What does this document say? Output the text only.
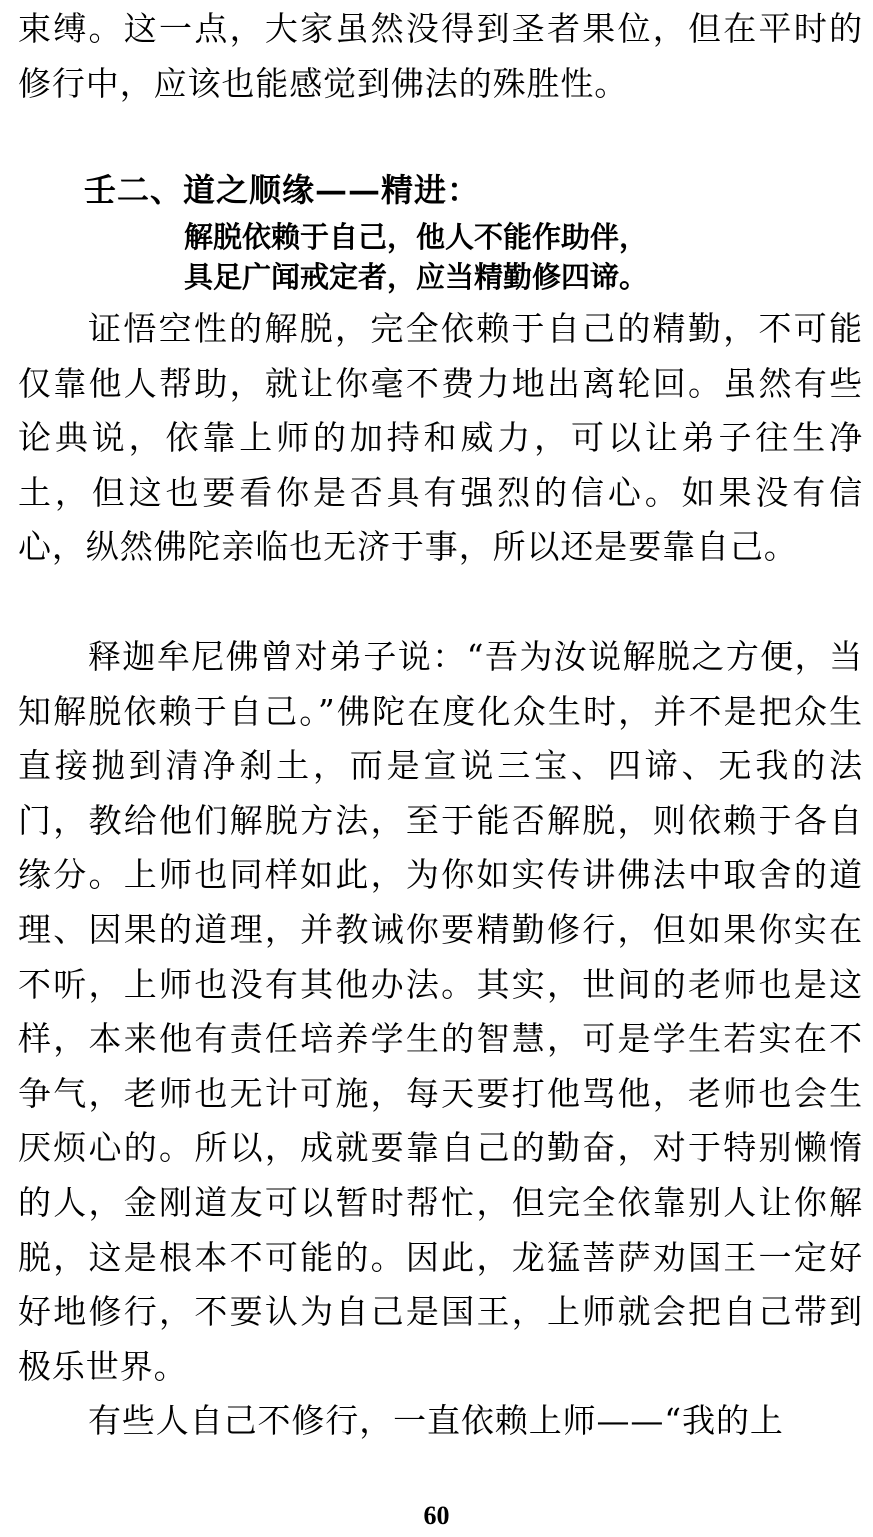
束缚。这一点，大家虽然没得到圣者果位，但在平时的修行中，应该也能感觉到佛法的殊胜性。

壬二、道之顺缘——精进：

解脱依赖于自己，他人不能作助伴，

具足广闻戒定者，应当精勤修四谛。

证悟空性的解脱，完全依赖于自己的精勤，不可能仅靠他人帮助，就让你毫不费力地出离轮回。虽然有些论典说，依靠上师的加持和威力，可以让弟子往生净土，但这也要看你是否具有强烈的信心。如果没有信心，纵然佛陀亲临也无济于事，所以还是要靠自己。

释迦牟尼佛曾对弟子说：“吾为汝说解脱之方便，当知解脱依赖于自己。”佛陀在度化众生时，并不是把众生直接抛到清净刹土，而是宣说三宝、四谛、无我的法门，教给他们解脱方法，至于能否解脱，则依赖于各自缘分。上师也同样如此，为你如实传讲佛法中取舍的道理、因果的道理，并教诫你要精勤修行，但如果你实在不听，上师也没有其他办法。其实，世间的老师也是这样，本来他有责任培养学生的智慧，可是学生若实在不争气，老师也无计可施，每天要打他骂他，老师也会生厌烦心的。所以，成就要靠自己的勤奋，对于特别懒惰的人，金刚道友可以暂时帮忙，但完全依靠别人让你解脱，这是根本不可能的。因此，龙猛菩萨劝国王一定好好地修行，不要认为自己是国王，上师就会把自己带到极乐世界。

有些人自己不修行，一直依赖上师——“我的上

60
